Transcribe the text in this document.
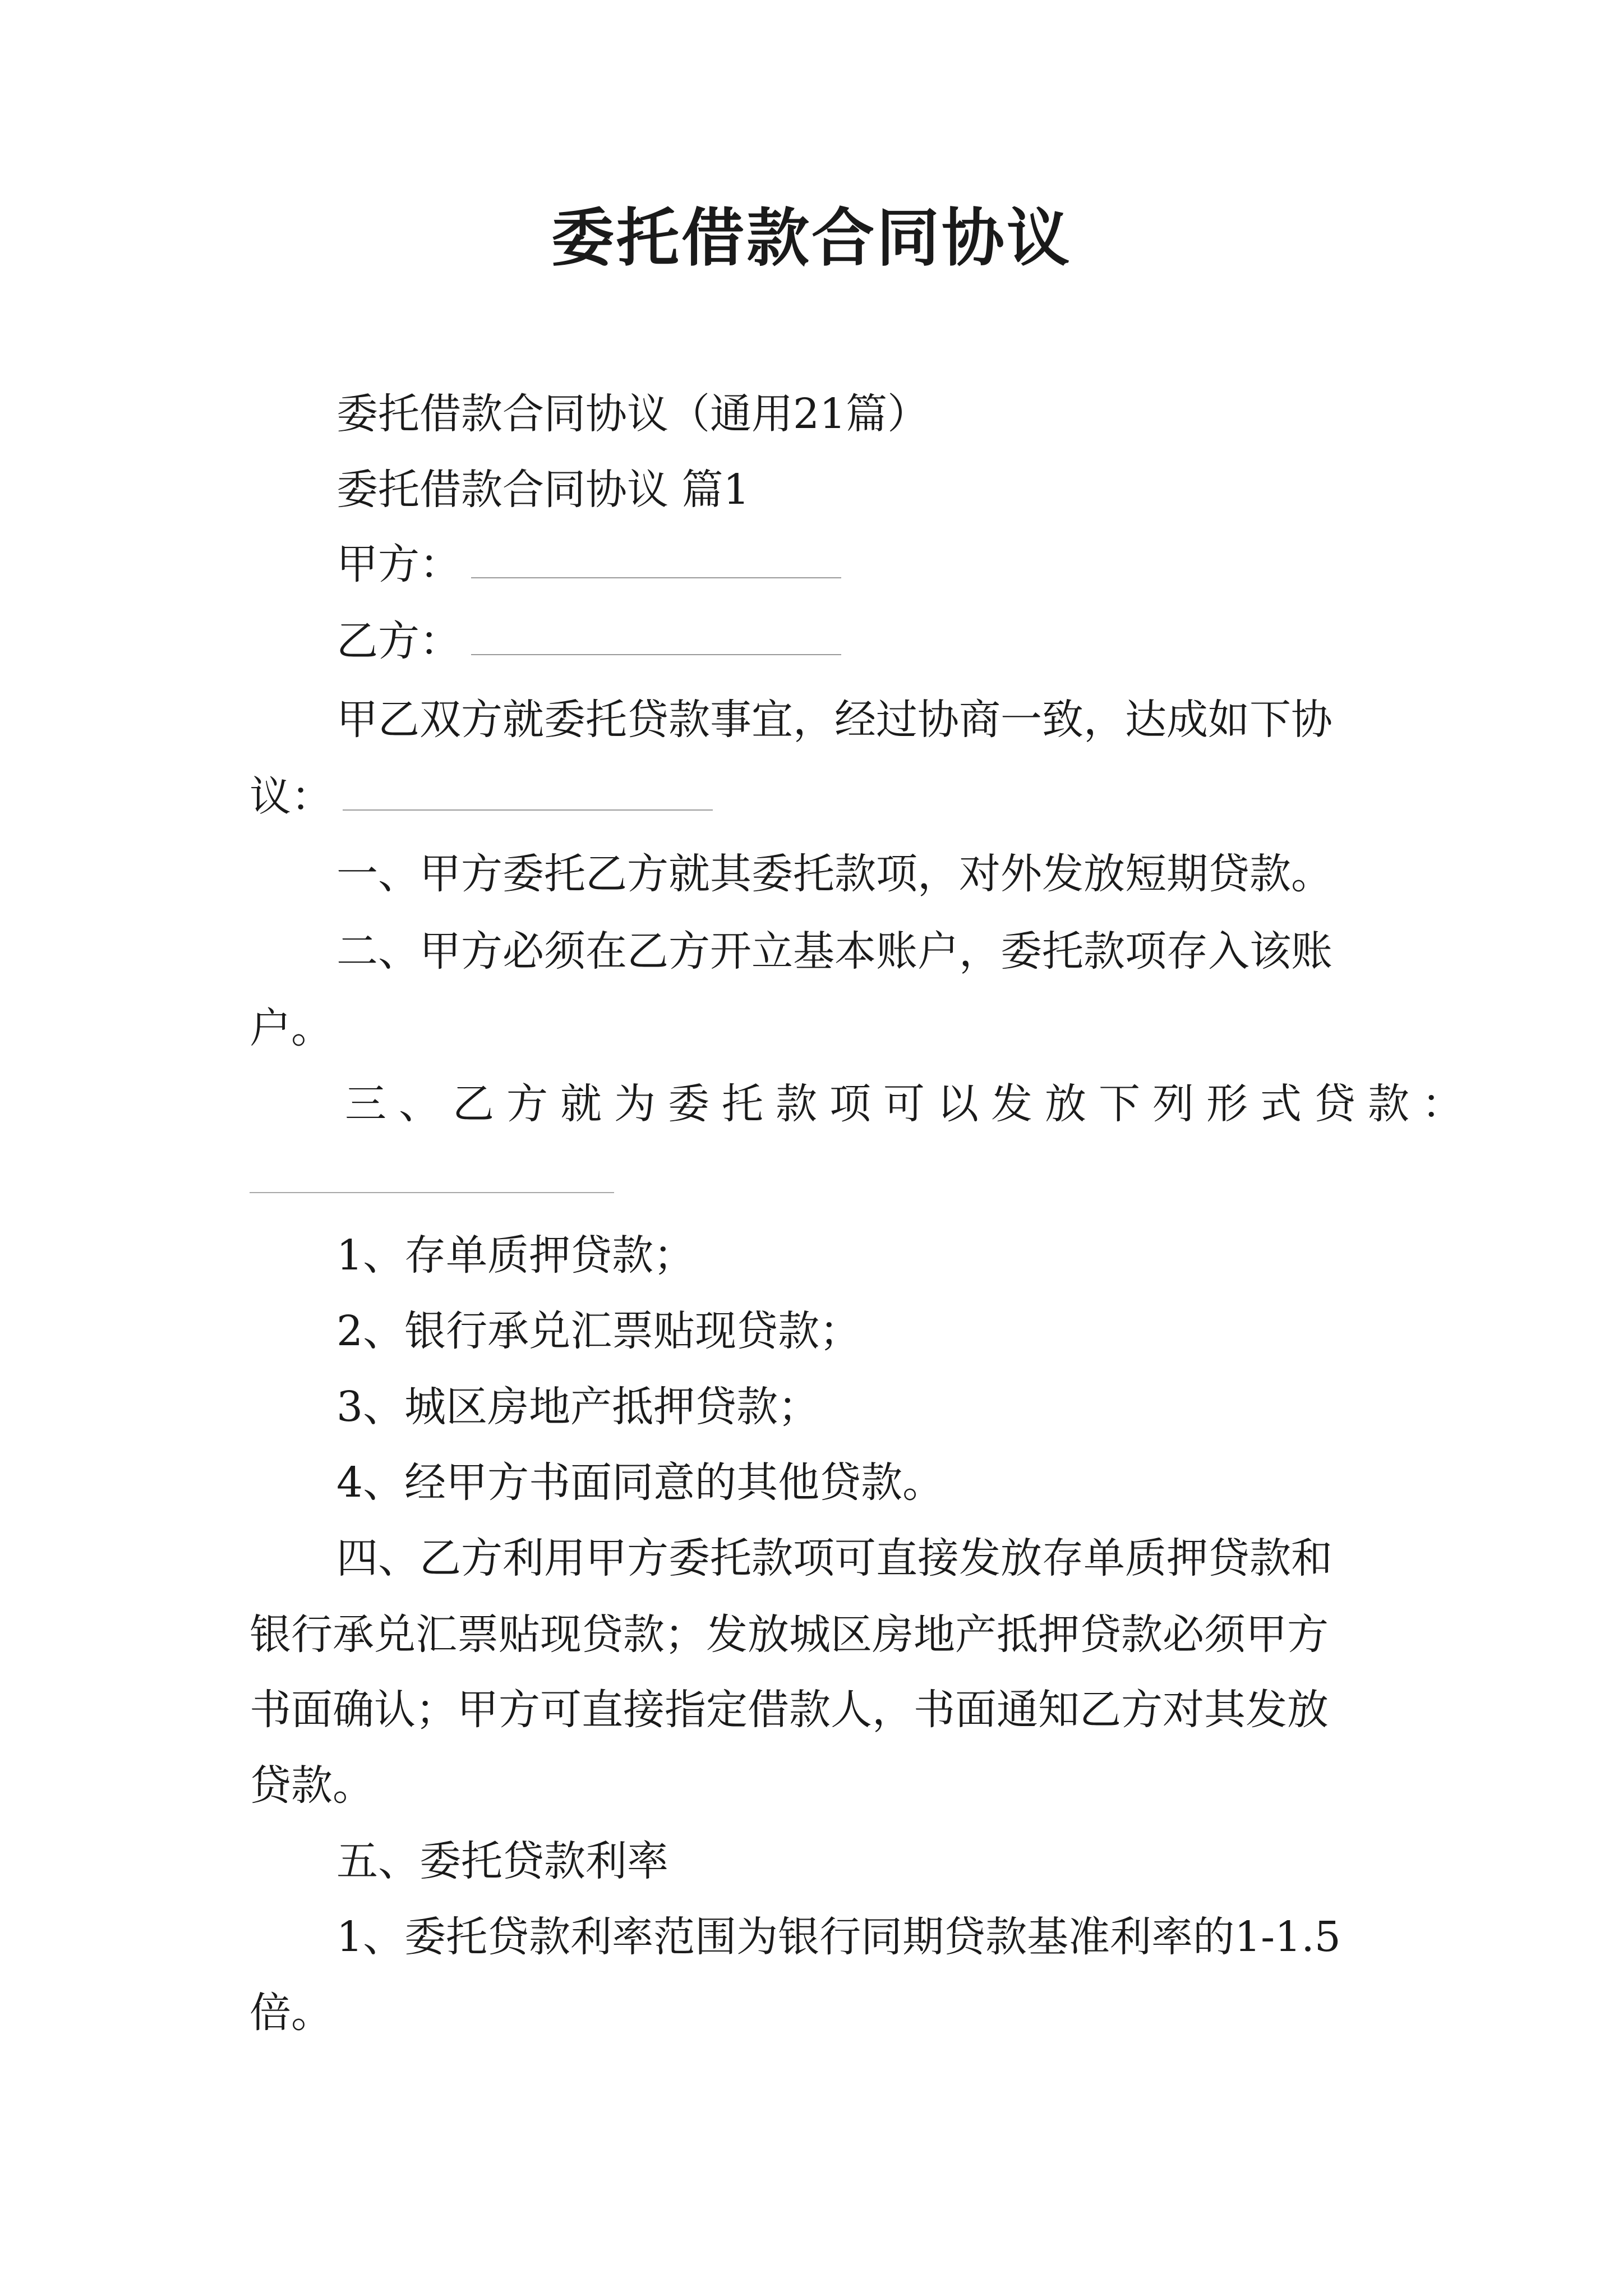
委托借款合同协议

委托借款合同协议（通用21篇）

委托借款合同协议 篇1

甲方：

乙方：

甲乙双方就委托贷款事宜，经过协商一致，达成如下协

议：

一、甲方委托乙方就其委托款项，对外发放短期贷款。

二、甲方必须在乙方开立基本账户，委托款项存入该账

户。

三、乙方就为委托款项可以发放下列形式贷款：

1、存单质押贷款；

2、银行承兑汇票贴现贷款；

3、城区房地产抵押贷款；

4、经甲方书面同意的其他贷款。

四、乙方利用甲方委托款项可直接发放存单质押贷款和

银行承兑汇票贴现贷款；发放城区房地产抵押贷款必须甲方

书面确认；甲方可直接指定借款人，书面通知乙方对其发放

贷款。

五、委托贷款利率

1、委托贷款利率范围为银行同期贷款基准利率的1-1.5

倍。
